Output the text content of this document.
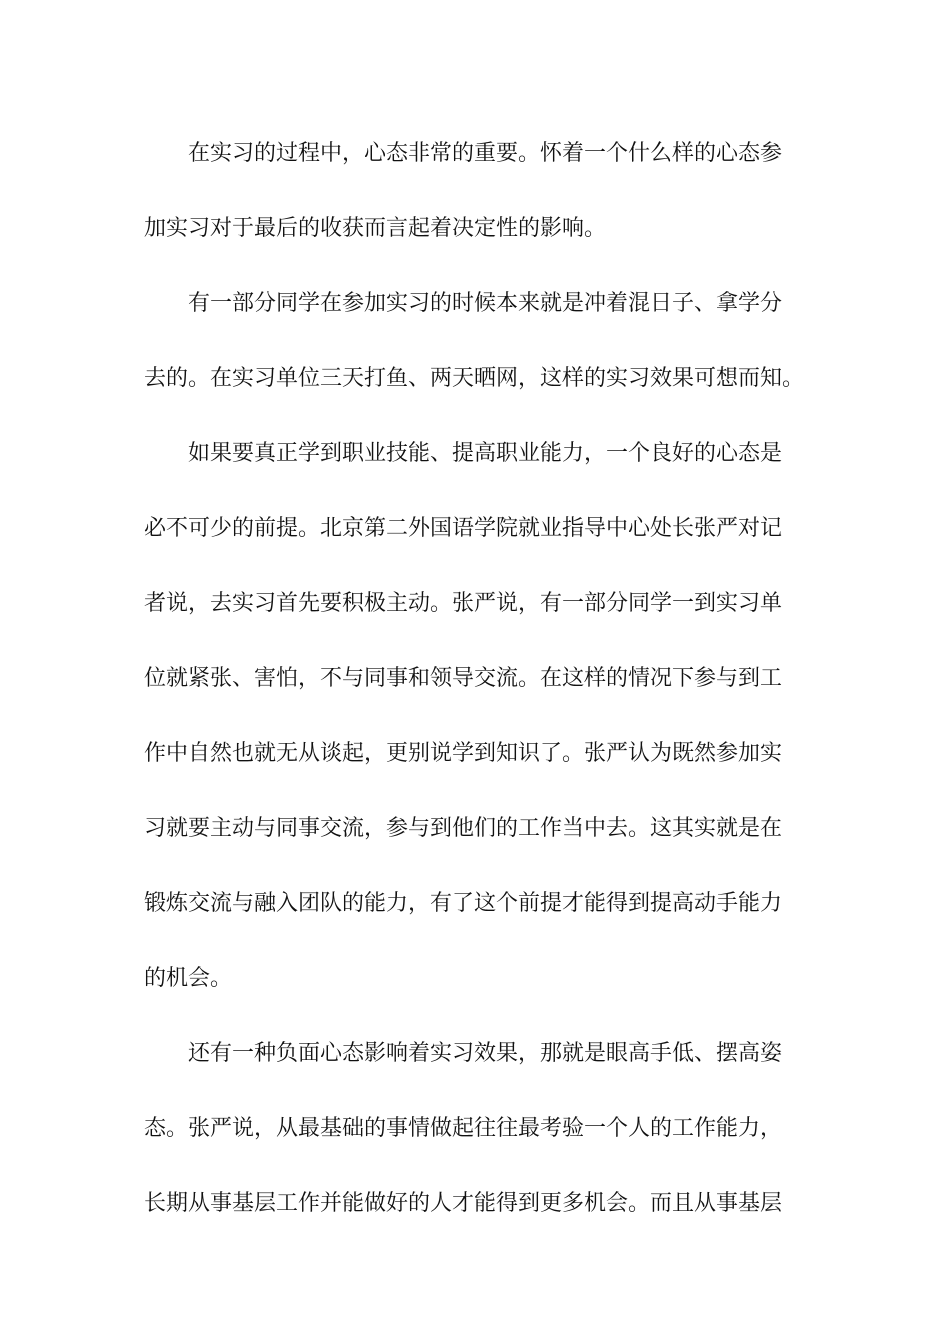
在实习的过程中，心态非常的重要。怀着一个什么样的心态参
加实习对于最后的收获而言起着决定性的影响。

有一部分同学在参加实习的时候本来就是冲着混日子、拿学分
去的。在实习单位三天打鱼、两天晒网，这样的实习效果可想而知。

如果要真正学到职业技能、提高职业能力，一个良好的心态是
必不可少的前提。北京第二外国语学院就业指导中心处长张严对记
者说，去实习首先要积极主动。张严说，有一部分同学一到实习单
位就紧张、害怕，不与同事和领导交流。在这样的情况下参与到工
作中自然也就无从谈起，更别说学到知识了。张严认为既然参加实
习就要主动与同事交流，参与到他们的工作当中去。这其实就是在
锻炼交流与融入团队的能力，有了这个前提才能得到提高动手能力
的机会。

还有一种负面心态影响着实习效果，那就是眼高手低、摆高姿
态。张严说，从最基础的事情做起往往最考验一个人的工作能力，
长期从事基层工作并能做好的人才能得到更多机会。而且从事基层
